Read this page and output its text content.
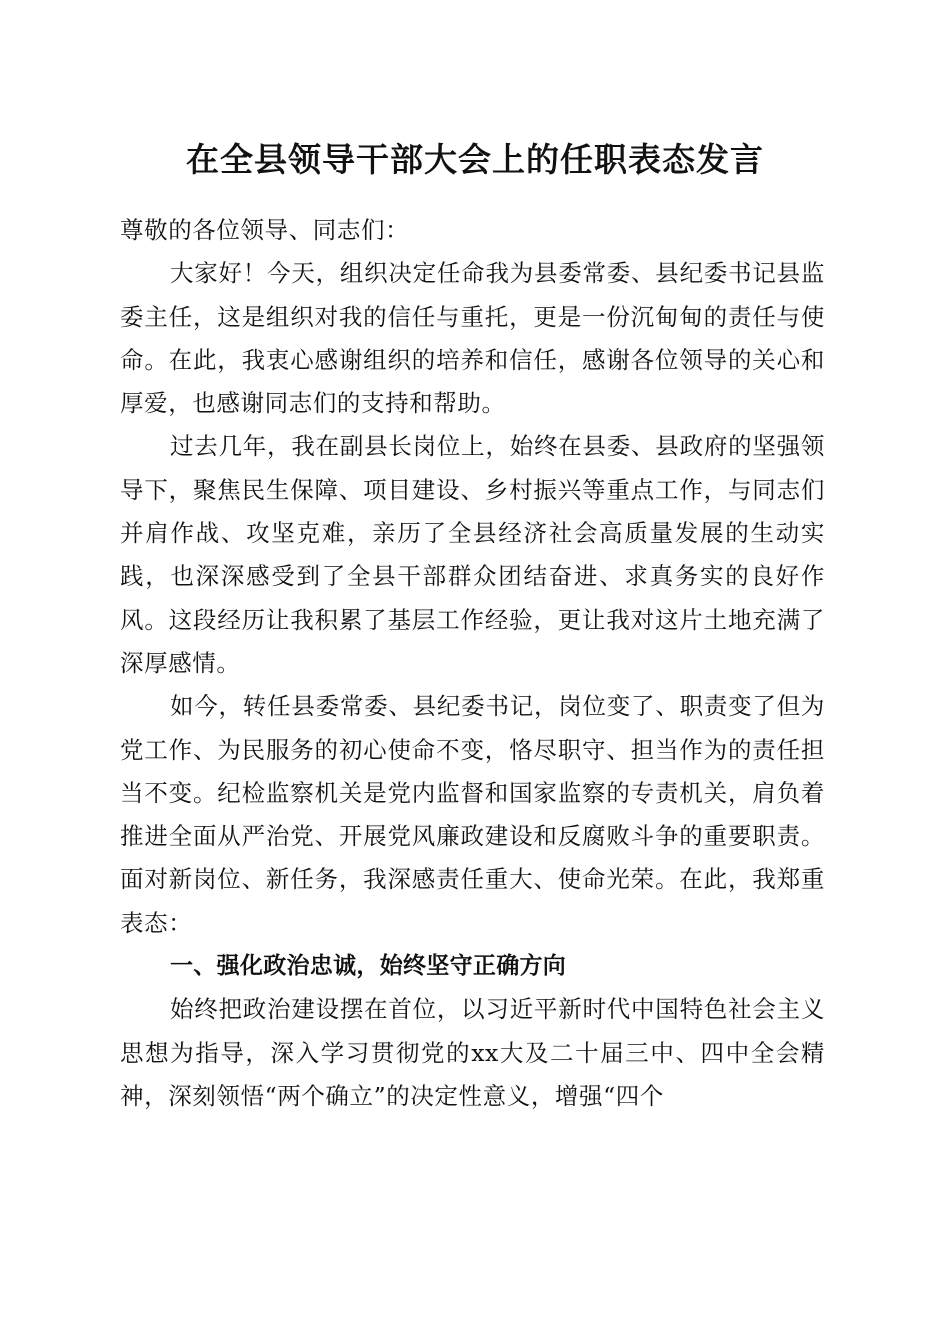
在全县领导干部大会上的任职表态发言

尊敬的各位领导、同志们：

大家好！今天，组织决定任命我为县委常委、县纪委书记县监委主任，这是组织对我的信任与重托，更是一份沉甸甸的责任与使命。在此，我衷心感谢组织的培养和信任，感谢各位领导的关心和厚爱，也感谢同志们的支持和帮助。

过去几年，我在副县长岗位上，始终在县委、县政府的坚强领导下，聚焦民生保障、项目建设、乡村振兴等重点工作，与同志们并肩作战、攻坚克难，亲历了全县经济社会高质量发展的生动实践，也深深感受到了全县干部群众团结奋进、求真务实的良好作风。这段经历让我积累了基层工作经验，更让我对这片土地充满了深厚感情。

如今，转任县委常委、县纪委书记，岗位变了、职责变了但为党工作、为民服务的初心使命不变，恪尽职守、担当作为的责任担当不变。纪检监察机关是党内监督和国家监察的专责机关，肩负着推进全面从严治党、开展党风廉政建设和反腐败斗争的重要职责。面对新岗位、新任务，我深感责任重大、使命光荣。在此，我郑重表态：

一、强化政治忠诚，始终坚守正确方向

始终把政治建设摆在首位，以习近平新时代中国特色社会主义思想为指导，深入学习贯彻党的xx大及二十届三中、四中全会精神，深刻领悟“两个确立”的决定性意义，增强“四个
